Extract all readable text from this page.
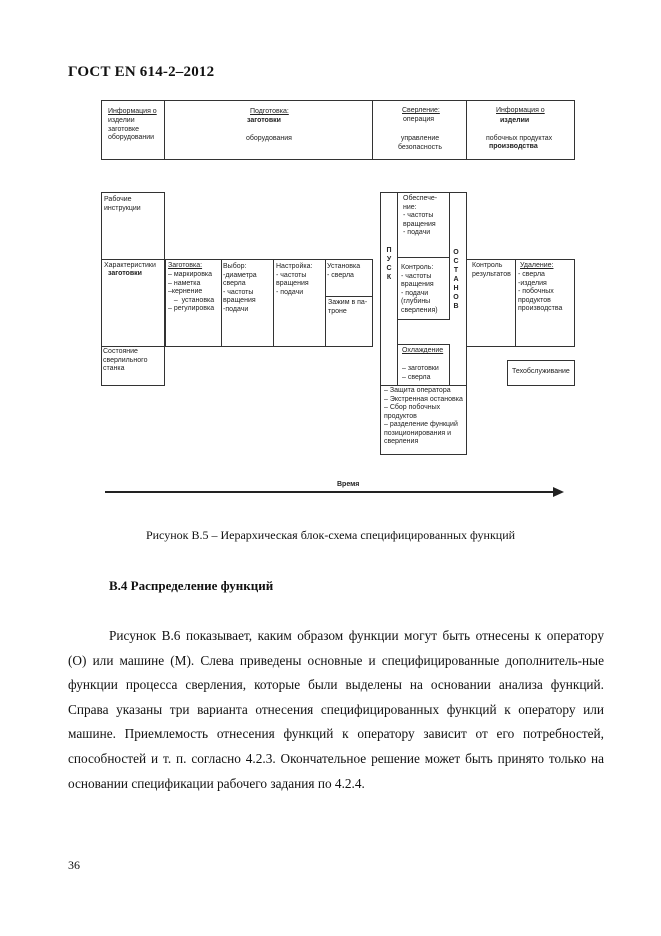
ГОСТ EN 614-2–2012
Информация о
изделии
заготовке
оборудовании
Подготовка:
заготовки
оборудования
Сверление:
операция
управление
безопасность
Информация о
изделии
побочных продуктах
производства
Рабочие
инструкции
Характеристики
заготовки
Состояние
сверлильного
станка
Заготовка:
– маркировка
– наметка
–кернение
–  установка
– регулировка
Выбор:
-диаметра
сверла
- частоты
вращения
-подачи
Настройка:
- частоты
вращения
- подачи
Установка
- сверла
Зажим в па-
троне
П
У
С
К
Обеспече-
ние:
- частоты
вращения
- подачи
Контроль:
- частоты
вращения
- подачи
(глубины
сверления)
Охлаждение
– заготовки
– сверла
О
С
Т
А
Н
О
В
– Защита оператора
– Экстренная остановка
– Сбор побочных
продуктов
– разделение функций
позиционирования и
сверления
Контроль
результатов
Удаление:
- сверла
-изделия
- побочных
продуктов
производства
Техобслуживание
Время
Рисунок В.5 – Иерархическая блок-схема специфицированных функций
В.4 Распределение функций

Рисунок В.6 показывает, каким образом функции могут быть отнесены к оператору (О) или машине (М). Слева приведены основные и специфицированные дополнитель-ные функции процесса сверления, которые были выделены на основании анализа функций. Справа указаны три варианта отнесения специфицированных функций к оператору или машине. Приемлемость отнесения функций к оператору зависит от его потребностей, способностей и т. п. согласно 4.2.3. Окончательное решение может быть принято только на основании спецификации рабочего задания по 4.2.4.

36
